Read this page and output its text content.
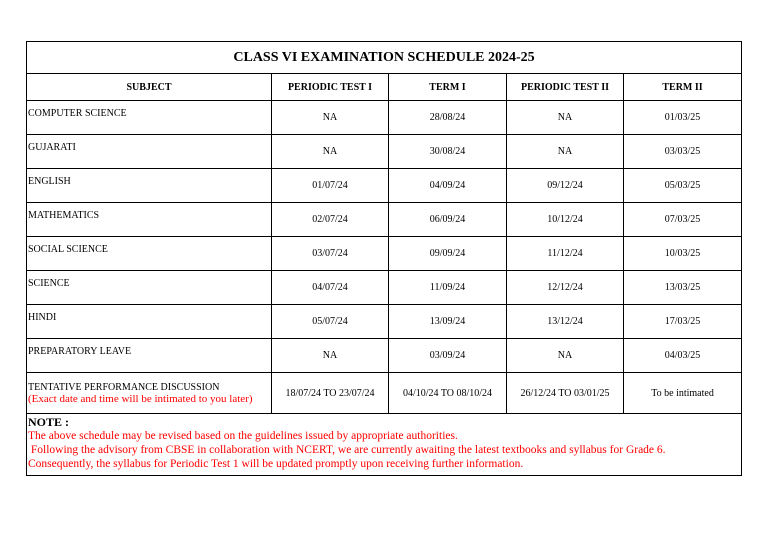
CLASS VI EXAMINATION SCHEDULE 2024-25				
SUBJECT	PERIODIC TEST I	TERM I	PERIODIC TEST II	TERM II
COMPUTER SCIENCE	NA	28/08/24	NA	01/03/25
GUJARATI	NA	30/08/24	NA	03/03/25
ENGLISH	01/07/24	04/09/24	09/12/24	05/03/25
MATHEMATICS	02/07/24	06/09/24	10/12/24	07/03/25
SOCIAL SCIENCE	03/07/24	09/09/24	11/12/24	10/03/25
SCIENCE	04/07/24	11/09/24	12/12/24	13/03/25
HINDI	05/07/24	13/09/24	13/12/24	17/03/25
PREPARATORY LEAVE	NA	03/09/24	NA	04/03/25

TENTATIVE PERFORMANCE DISCUSSION
(Exact date and time will be intimated to you later)	18/07/24 TO 23/07/24	04/10/24 TO 08/10/24	26/12/24 TO 03/01/25	To be intimated

NOTE :
The above schedule may be revised based on the guidelines issued by appropriate authorities.
Following the advisory from CBSE in collaboration with NCERT, we are currently awaiting the latest textbooks and syllabus for Grade 6.
Consequently, the syllabus for Periodic Test 1 will be updated promptly upon receiving further information.				
